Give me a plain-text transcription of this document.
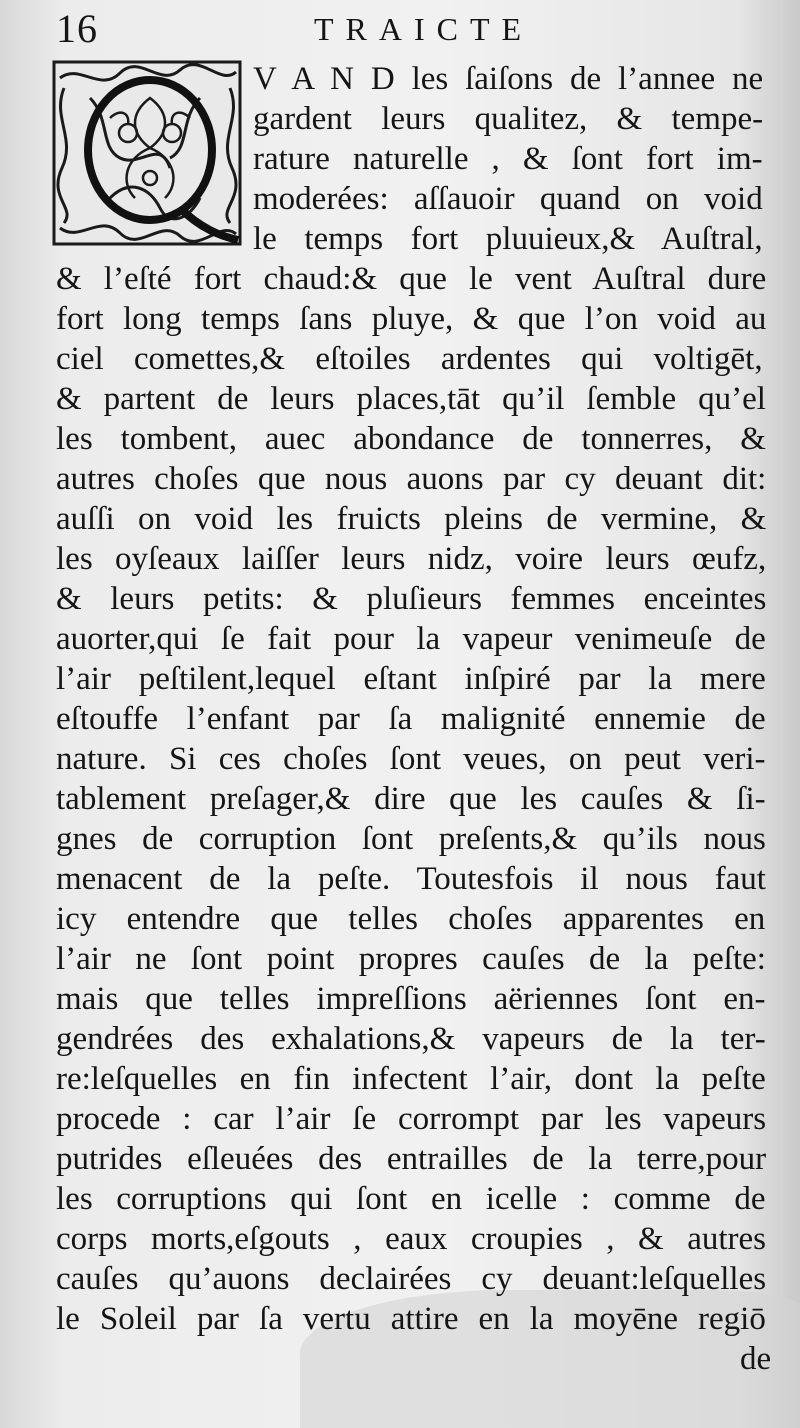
16	TRAICTE
V A N D les ſaiſons de l’annee ne
gardent leurs qualitez, & tempe-
rature naturelle , & ſont fort im-
moderées: aſſauoir quand on void
le temps fort pluuieux,& Auſtral,
& l’eſté fort chaud:& que le vent Auſtral dure
fort long temps ſans pluye, & que l’on void au
ciel comettes,& eſtoiles ardentes qui voltigēt,
& partent de leurs places,tāt qu’il ſemble qu’el
les tombent, auec abondance de tonnerres, &
autres choſes que nous auons par cy deuant dit:
auſſi on void les fruicts pleins de vermine, &
les oyſeaux laiſſer leurs nidz, voire leurs œufz,
& leurs petits: & pluſieurs femmes enceintes
auorter,qui ſe fait pour la vapeur venimeuſe de
l’air peſtilent,lequel eſtant inſpiré par la mere
eſtouffe l’enfant par ſa malignité ennemie de
nature. Si ces choſes ſont veues, on peut veri-
tablement preſager,& dire que les cauſes & ſi-
gnes de corruption ſont preſents,& qu’ils nous
menacent de la peſte. Toutesfois il nous faut
icy entendre que telles choſes apparentes en
l’air ne ſont point propres cauſes de la peſte:
mais que telles impreſſions aëriennes ſont en-
gendrées des exhalations,& vapeurs de la ter-
re:leſquelles en fin infectent l’air, dont la peſte
procede : car l’air ſe corrompt par les vapeurs
putrides eſleuées des entrailles de la terre,pour
les corruptions qui ſont en icelle : comme de
corps morts,eſgouts , eaux croupies , & autres
cauſes qu’auons declairées cy deuant:leſquelles
le Soleil par ſa vertu attire en la moyēne regiō
de
